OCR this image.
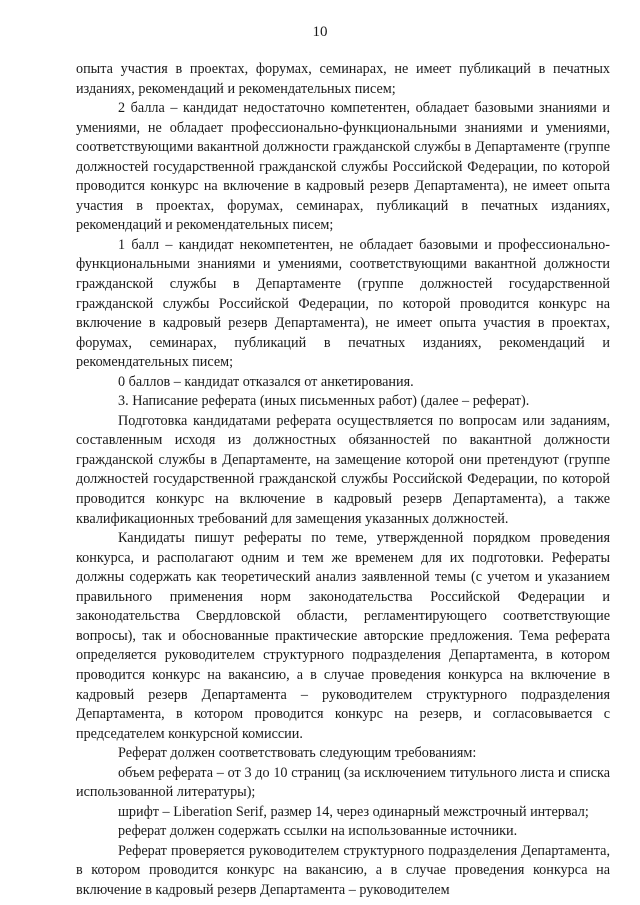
10

опыта участия в проектах, форумах, семинарах, не имеет публикаций в печатных изданиях, рекомендаций и рекомендательных писем;

2 балла – кандидат недостаточно компетентен, обладает базовыми знаниями и умениями, не обладает профессионально-функциональными знаниями и умениями, соответствующими вакантной должности гражданской службы в Департаменте (группе должностей государственной гражданской службы Российской Федерации, по которой проводится конкурс на включение в кадровый резерв Департамента), не имеет опыта участия в проектах, форумах, семинарах, публикаций в печатных изданиях, рекомендаций и рекомендательных писем;

1 балл – кандидат некомпетентен, не обладает базовыми и профессионально-функциональными знаниями и умениями, соответствующими вакантной должности гражданской службы в Департаменте (группе должностей государственной гражданской службы Российской Федерации, по которой проводится конкурс на включение в кадровый резерв Департамента), не имеет опыта участия в проектах, форумах, семинарах, публикаций в печатных изданиях, рекомендаций и рекомендательных писем;

0 баллов – кандидат отказался от анкетирования.

3. Написание реферата (иных письменных работ) (далее – реферат).

Подготовка кандидатами реферата осуществляется по вопросам или заданиям, составленным исходя из должностных обязанностей по вакантной должности гражданской службы в Департаменте, на замещение которой они претендуют (группе должностей государственной гражданской службы Российской Федерации, по которой проводится конкурс на включение в кадровый резерв Департамента), а также квалификационных требований для замещения указанных должностей.

Кандидаты пишут рефераты по теме, утвержденной порядком проведения конкурса, и располагают одним и тем же временем для их подготовки. Рефераты должны содержать как теоретический анализ заявленной темы (с учетом и указанием правильного применения норм законодательства Российской Федерации и законодательства Свердловской области, регламентирующего соответствующие вопросы), так и обоснованные практические авторские предложения. Тема реферата определяется руководителем структурного подразделения Департамента, в котором проводится конкурс на вакансию, а в случае проведения конкурса на включение в кадровый резерв Департамента – руководителем структурного подразделения Департамента, в котором проводится конкурс на резерв, и согласовывается с председателем конкурсной комиссии.

Реферат должен соответствовать следующим требованиям:

объем реферата – от 3 до 10 страниц (за исключением титульного листа и списка использованной литературы);

шрифт – Liberation Serif, размер 14, через одинарный межстрочный интервал;

реферат должен содержать ссылки на использованные источники.

Реферат проверяется руководителем структурного подразделения Департамента, в котором проводится конкурс на вакансию, а в случае проведения конкурса на включение в кадровый резерв Департамента – руководителем
